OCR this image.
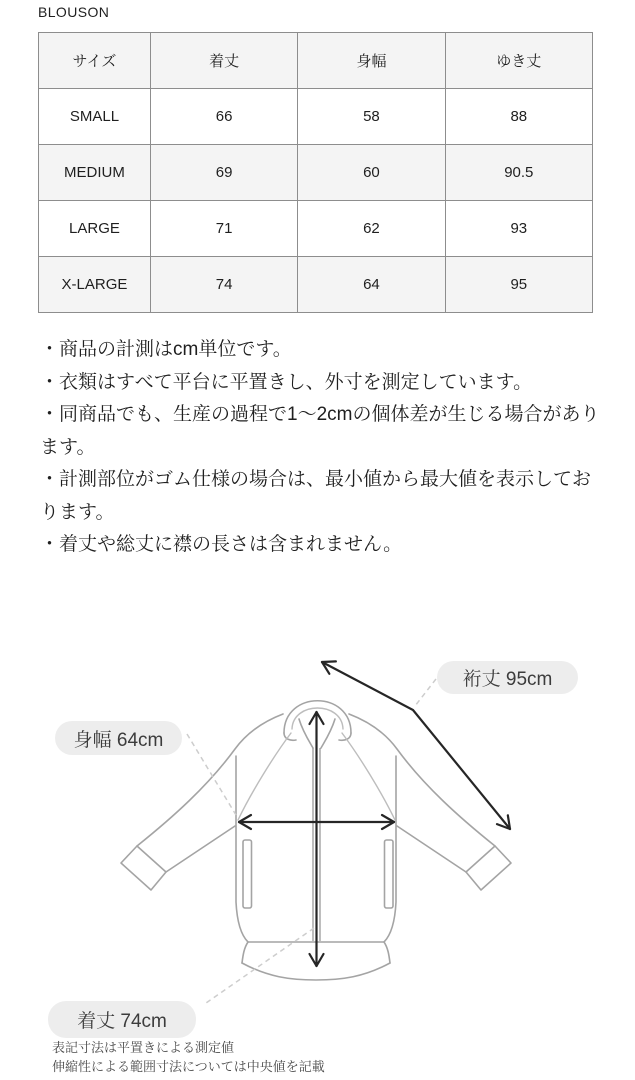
BLOUSON
サイズ	着丈	身幅	ゆき丈
SMALL	66	58	88
MEDIUM	69	60	90.5
LARGE	71	62	93
X-LARGE	74	64	95

・商品の計測はcm単位です。

・衣類はすべて平台に平置きし、外寸を測定しています。

・同商品でも、生産の過程で1〜2cmの個体差が生じる場合があります。

・計測部位がゴム仕様の場合は、最小値から最大値を表示しております。

・着丈や総丈に襟の長さは含まれません。

裄丈 95cm
身幅 64cm
着丈 74cm

表記寸法は平置きによる測定値

伸縮性による範囲寸法については中央値を記載
